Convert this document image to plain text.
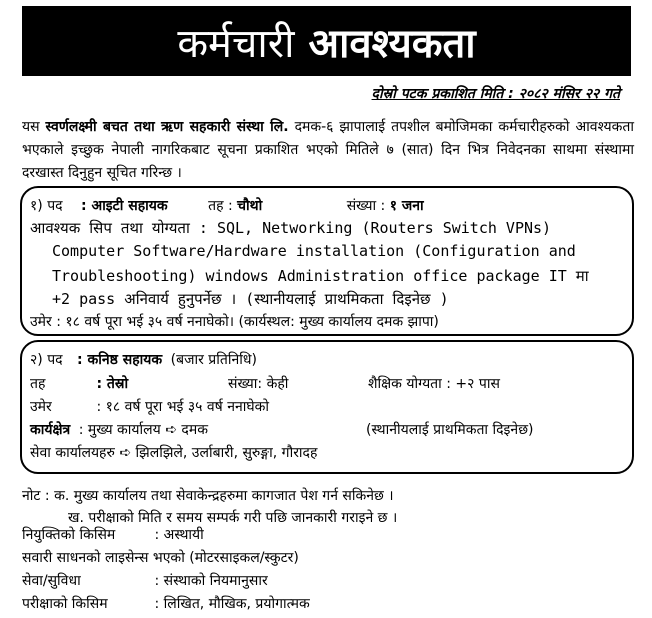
कर्मचारी आवश्यकता
दोस्रो पटक प्रकाशित मिति : २०८२ मंसिर २२ गते
यस स्वर्णलक्ष्मी बचत तथा ऋण सहकारी संस्था लि. दमक-६ झापालाई तपशील बमोजिमका कर्मचारीहरुको आवश्यकता भएकाले इच्छुक नेपाली नागरिकबाट सूचना प्रकाशित भएको मितिले ७ (सात) दिन भित्र निवेदनका साथमा संस्थामा दरखास्त दिनुहुन सूचित गरिन्छ ।
१) पद : आइटी सहायक	तह : चौथो	संख्या : १ जना
आवश्यक सिप तथा योग्यता : SQL, Networking (Routers Switch VPNs)
Computer Software/Hardware installation (Configuration and
Troubleshooting) windows Administration office package IT मा
+2 pass अनिवार्य हुनुपर्नेछ । (स्थानीयलाई प्राथमिकता दिइनेछ )
उमेर : १८ वर्ष पूरा भई ३५ वर्ष ननाघेको। (कार्यस्थल: मुख्य कार्यालय दमक झापा)
२) पद : कनिष्ठ सहायक (बजार प्रतिनिधि)
तह	: तेस्रो	संख्या: केही	शैक्षिक योग्यता : +२ पास
उमेर	: १८ वर्ष पूरा भई ३५ वर्ष ननाघेको
कार्यक्षेत्र : मुख्य कार्यालय ➪ दमक	(स्थानीयलाई प्राथमिकता दिइनेछ)
सेवा कार्यालयहरु ➪ झिलझिले, उर्लाबारी, सुरुङ्गा, गौरादह
नोट : क. मुख्य कार्यालय तथा सेवाकेन्द्रहरुमा कागजात पेश गर्न सकिनेछ ।
ख. परीक्षाको मिति र समय सम्पर्क गरी पछि जानकारी गराइने छ ।
नियुक्तिको किसिम	: अस्थायी
सवारी साधनको लाइसेन्स भएको (मोटरसाइकल/स्कुटर)
सेवा/सुविधा	: संस्थाको नियमानुसार
परीक्षाको किसिम	: लिखित, मौखिक, प्रयोगात्मक
